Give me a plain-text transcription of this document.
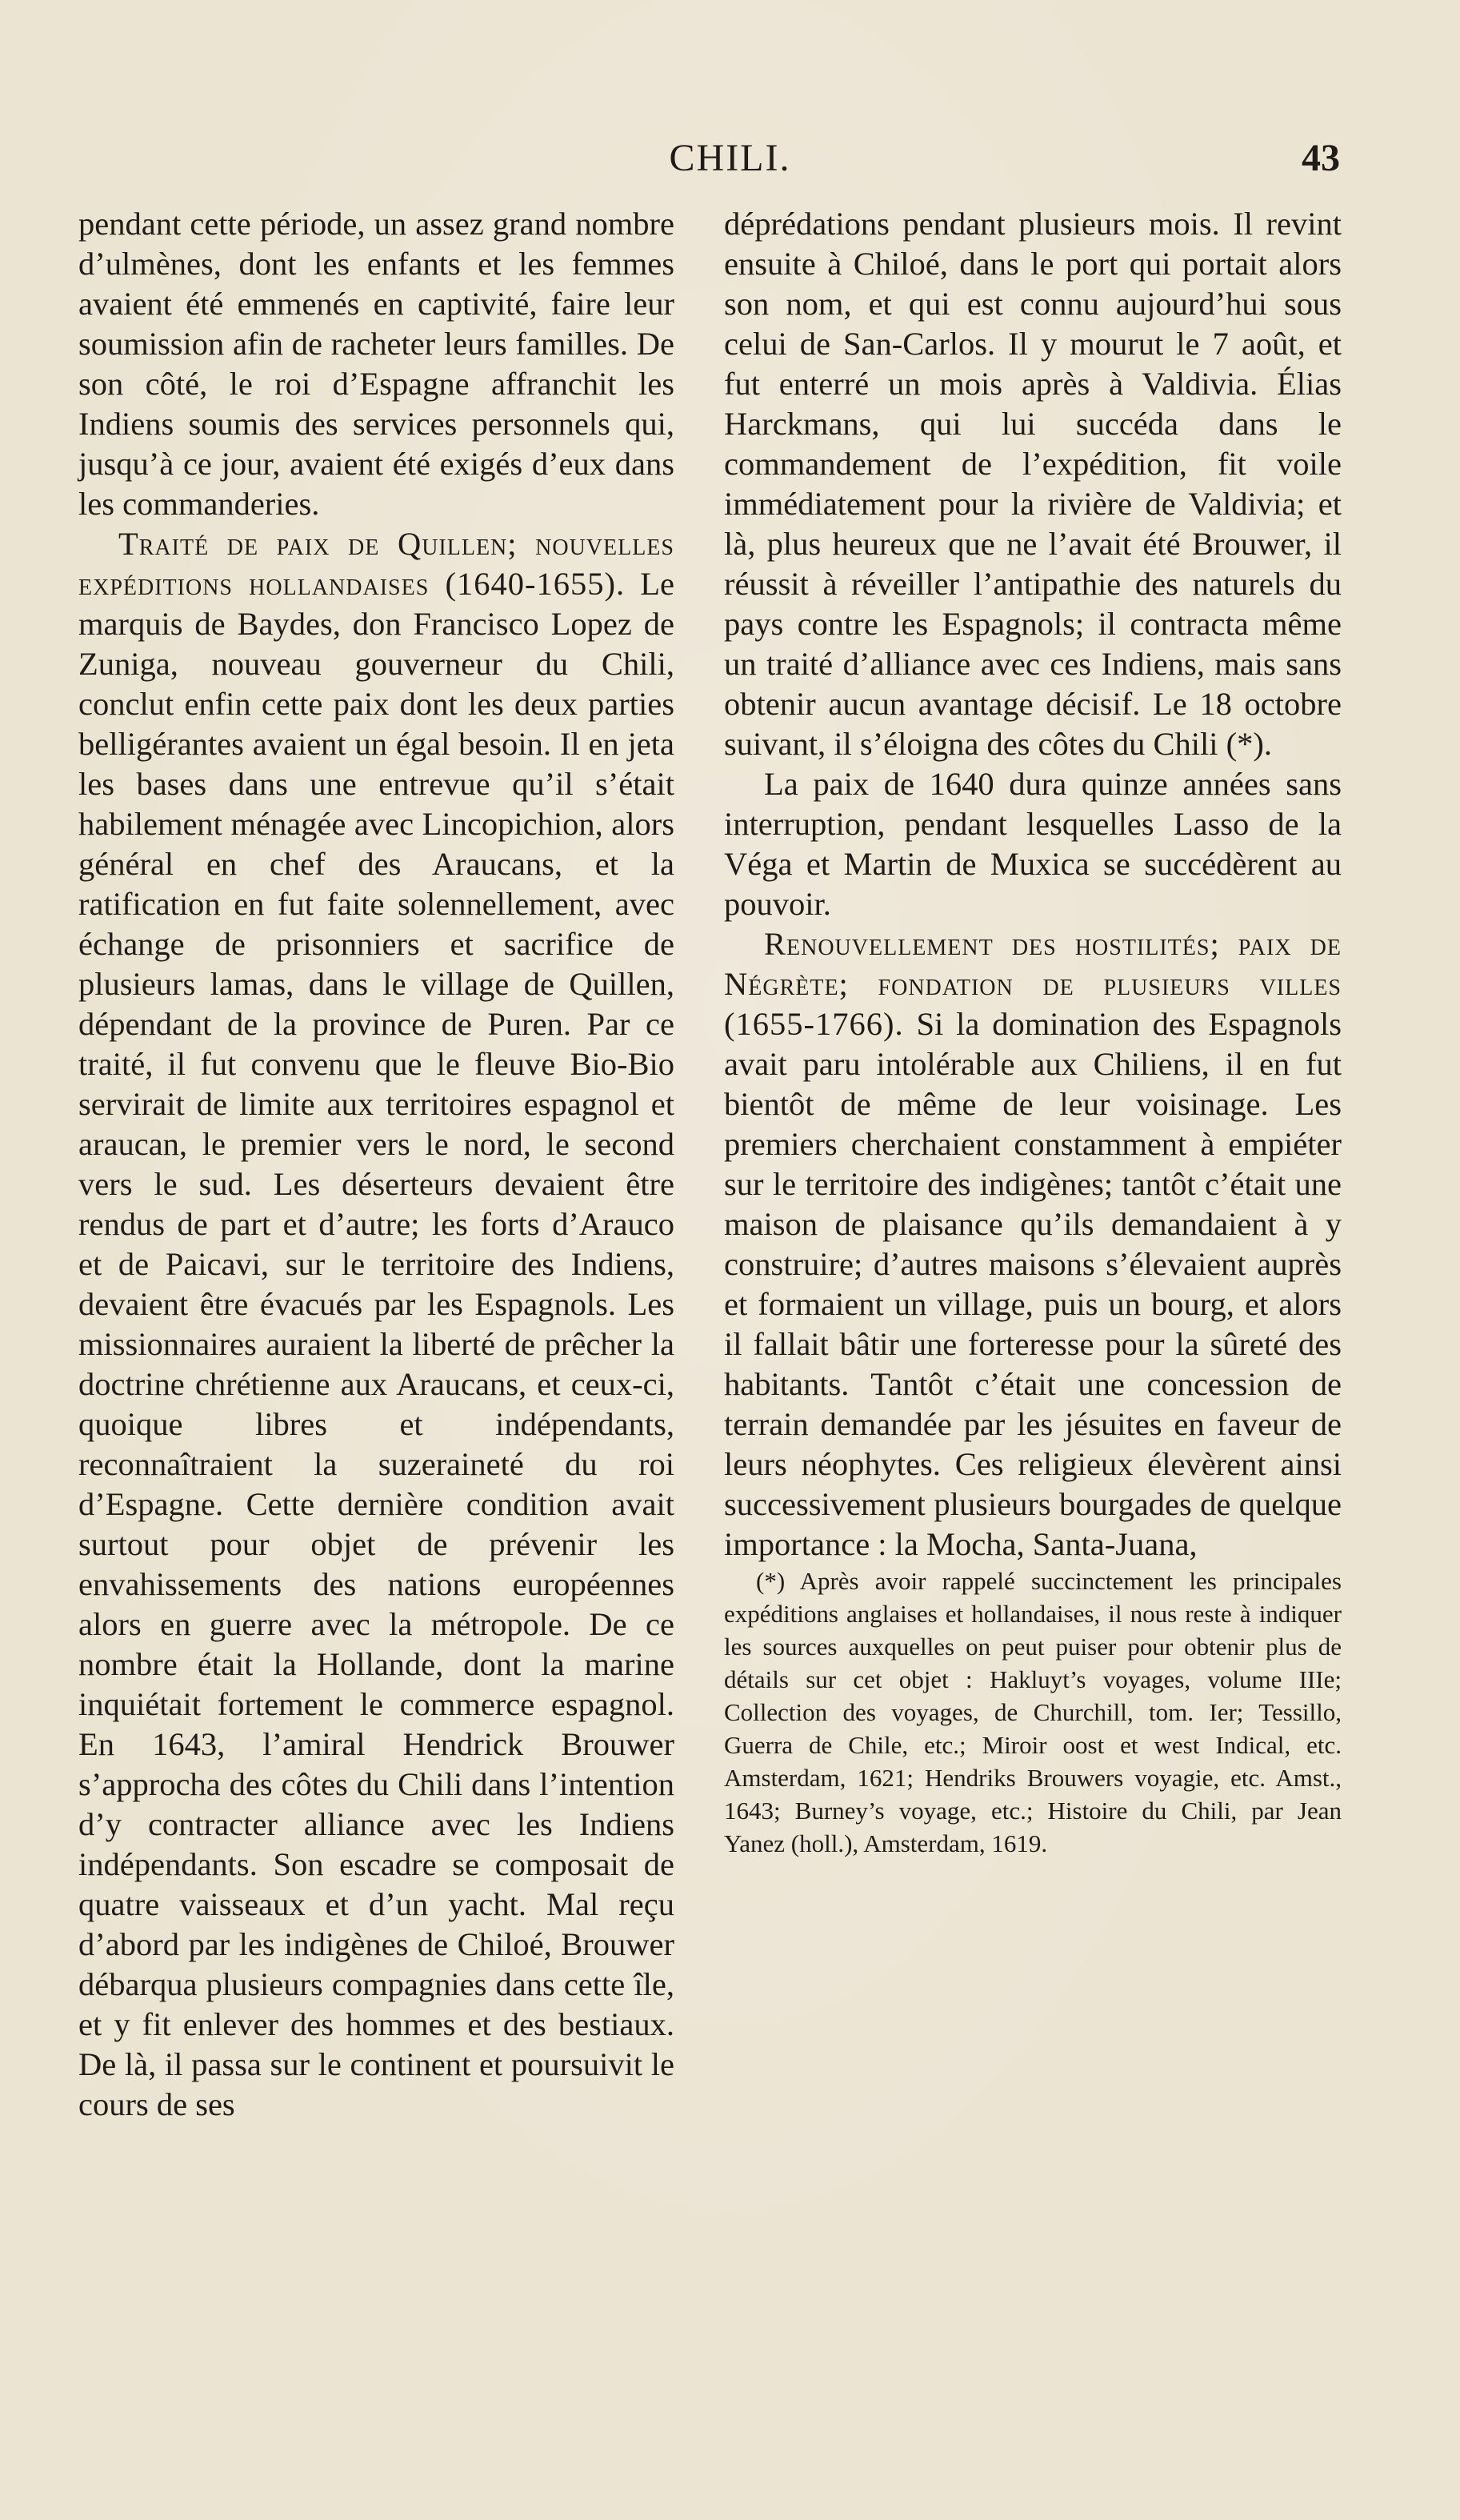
CHILI.	43

pendant cette période, un assez grand nombre d’ulmènes, dont les enfants et les femmes avaient été emmenés en captivité, faire leur soumission afin de racheter leurs familles. De son côté, le roi d’Espagne affranchit les Indiens soumis des services personnels qui, jusqu’à ce jour, avaient été exigés d’eux dans les commanderies.

Traité de paix de Quillen; nouvelles expéditions hollandaises (1640-1655). Le marquis de Baydes, don Francisco Lopez de Zuniga, nouveau gouverneur du Chili, conclut enfin cette paix dont les deux parties belligérantes avaient un égal besoin. Il en jeta les bases dans une entrevue qu’il s’était habilement ménagée avec Lincopichion, alors général en chef des Araucans, et la ratification en fut faite solennellement, avec échange de prisonniers et sacrifice de plusieurs lamas, dans le village de Quillen, dépendant de la province de Puren. Par ce traité, il fut convenu que le fleuve Bio-Bio servirait de limite aux territoires espagnol et araucan, le premier vers le nord, le second vers le sud. Les déserteurs devaient être rendus de part et d’autre; les forts d’Arauco et de Paicavi, sur le territoire des Indiens, devaient être évacués par les Espagnols. Les missionnaires auraient la liberté de prêcher la doctrine chrétienne aux Araucans, et ceux-ci, quoique libres et indépendants, reconnaîtraient la suzeraineté du roi d’Espagne. Cette dernière condition avait surtout pour objet de prévenir les envahissements des nations européennes alors en guerre avec la métropole. De ce nombre était la Hollande, dont la marine inquiétait fortement le commerce espagnol. En 1643, l’amiral Hendrick Brouwer s’approcha des côtes du Chili dans l’intention d’y contracter alliance avec les Indiens indépendants. Son escadre se composait de quatre vaisseaux et d’un yacht. Mal reçu d’abord par les indigènes de Chiloé, Brouwer débarqua plusieurs compagnies dans cette île, et y fit enlever des hommes et des bestiaux. De là, il passa sur le continent et poursuivit le cours de ses

déprédations pendant plusieurs mois. Il revint ensuite à Chiloé, dans le port qui portait alors son nom, et qui est connu aujourd’hui sous celui de San-Carlos. Il y mourut le 7 août, et fut enterré un mois après à Valdivia. Élias Harckmans, qui lui succéda dans le commandement de l’expédition, fit voile immédiatement pour la rivière de Valdivia; et là, plus heureux que ne l’avait été Brouwer, il réussit à réveiller l’antipathie des naturels du pays contre les Espagnols; il contracta même un traité d’alliance avec ces Indiens, mais sans obtenir aucun avantage décisif. Le 18 octobre suivant, il s’éloigna des côtes du Chili (*).

La paix de 1640 dura quinze années sans interruption, pendant lesquelles Lasso de la Véga et Martin de Muxica se succédèrent au pouvoir.

Renouvellement des hostilités; paix de Négrète; fondation de plusieurs villes (1655-1766). Si la domination des Espagnols avait paru intolérable aux Chiliens, il en fut bientôt de même de leur voisinage. Les premiers cherchaient constamment à empiéter sur le territoire des indigènes; tantôt c’était une maison de plaisance qu’ils demandaient à y construire; d’autres maisons s’élevaient auprès et formaient un village, puis un bourg, et alors il fallait bâtir une forteresse pour la sûreté des habitants. Tantôt c’était une concession de terrain demandée par les jésuites en faveur de leurs néophytes. Ces religieux élevèrent ainsi successivement plusieurs bourgades de quelque importance : la Mocha, Santa-Juana,

(*) Après avoir rappelé succinctement les principales expéditions anglaises et hollandaises, il nous reste à indiquer les sources auxquelles on peut puiser pour obtenir plus de détails sur cet objet : Hakluyt’s voyages, volume IIIe; Collection des voyages, de Churchill, tom. Ier; Tessillo, Guerra de Chile, etc.; Miroir oost et west Indical, etc. Amsterdam, 1621; Hendriks Brouwers voyagie, etc. Amst., 1643; Burney’s voyage, etc.; Histoire du Chili, par Jean Yanez (holl.), Amsterdam, 1619.
